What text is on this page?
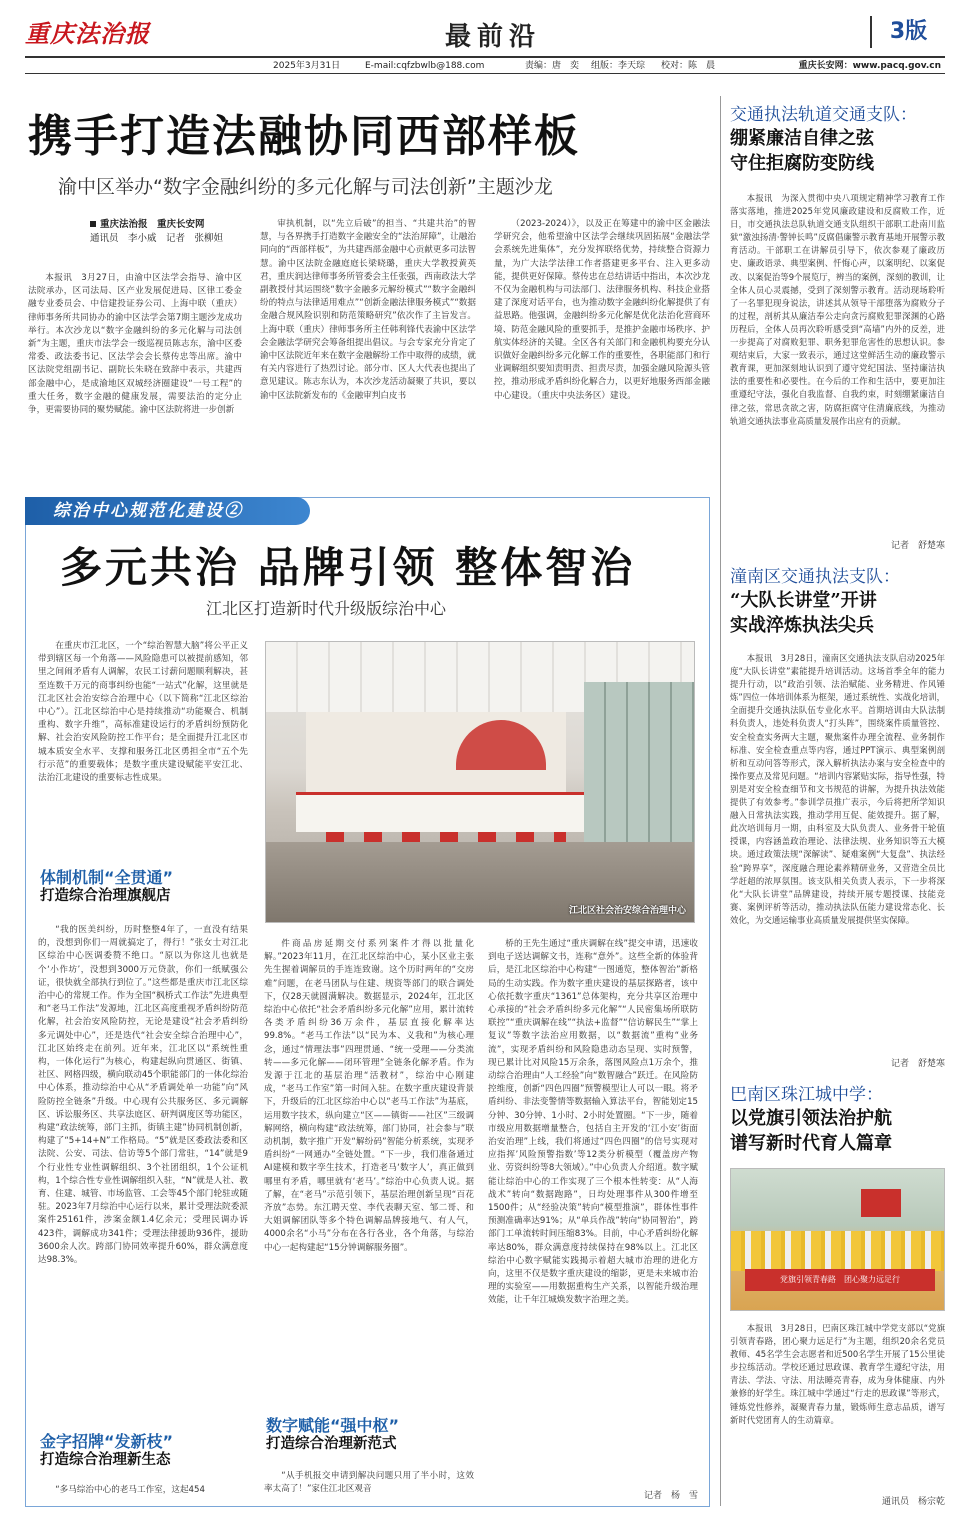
重庆法治报	最前沿	3版
2025年3月31日	E-mail:cqfzbwlb@188.com	责编：唐　奕 组版：李天琮 校对：陈　晨	重庆长安网：www.pacq.gov.cn
携手打造法融协同西部样板
渝中区举办“数字金融纠纷的多元化解与司法创新”主题沙龙
重庆法治报　重庆长安网
通讯员　李小威　记者　张柳妲

本报讯　3月27日，由渝中区法学会指导、渝中区法院承办，区司法局、区产业发展促进局、区律工委金融专业委员会、中信建投证券公司、上海中联（重庆）律师事务所共同协办的渝中区法学会第7期主题沙龙成功举行。本次沙龙以“数字金融纠纷的多元化解与司法创新”为主题，重庆市法学会一级巡视员陈志东，渝中区委常委、政法委书记、区法学会会长蔡传忠等出席。渝中区法院党组副书记、副院长朱晓在致辞中表示，共建西部金融中心，是成渝地区双城经济圈建设“一号工程”的重大任务，数字金融的健康发展，需要法治的定分止争，更需要协同的聚势赋能。渝中区法院将进一步创新

审执机制，以“先立后破”的担当、“共建共治”的智慧，与各界携手打造数字金融安全的“法治屏障”，让融治同向的“西部样板”，为共建西部金融中心贡献更多司法智慧。渝中区法院金融庭庭长梁晓璐，重庆大学教授黄英君，重庆润达律师事务所管委会主任张强，西南政法大学副教授付其运围绕“数字金融多元解纷模式”“数字金融纠纷的特点与法律适用难点”“创新金融法律服务模式”“数据金融合规风险识别和防范策略研究”依次作了主旨发言。上海中联（重庆）律师事务所主任韩利锋代表渝中区法学会金融法学研究会筹备组提出倡议。与会专家充分肯定了渝中区法院近年来在数字金融解纷工作中取得的成绩，就有关内容进行了热烈讨论。部分市、区人大代表也提出了意见建议。陈志东认为，本次沙龙活动凝聚了共识，要以渝中区法院新发布的《金融审判白皮书

（2023-2024）》，以及正在筹建中的渝中区金融法学研究会，他希望渝中区法学会继续巩固拓展“金融法学会系统先进集体”，充分发挥联络优势，持续整合资源力量，为广大法学法律工作者搭建更多平台、注入更多动能，提供更好保障。蔡传忠在总结讲话中指出，本次沙龙不仅为金融机构与司法部门、法律服务机构、科技企业搭建了深度对话平台，也为推动数字金融纠纷化解提供了有益思路。他强调，金融纠纷多元化解是优化法治化营商环境、防范金融风险的重要抓手，是推护金融市场秩序、护航实体经济的关键。全区各有关部门和金融机构要充分认识做好金融纠纷多元化解工作的重要性，各职能部门和行业调解组织要知责明责、担责尽责，加强金融风险源头管控，推动形成矛盾纠纷化解合力，以更好地服务西部金融中心建设。（重庆中央法务区）建设。

交通执法轨道交通支队：
绷紧廉洁自律之弦
守住拒腐防变防线

本报讯　为深入贯彻中央八项规定精神学习教育工作落实落地，推进2025年党风廉政建设和反腐败工作，近日，市交通执法总队轨道交通支队组织干部职工赴南川监狱“激浊扬清·警钟长鸣”反腐倡廉警示教育基地开展警示教育活动。干部职工在讲解员引导下，依次参观了廉政历史、廉政语录、典型案例、忏悔心声，以案明纪、以案促改、以案促治等9个展览厅，辨当的案例，深刻的教训，让全体人员心灵震撼，受到了深刻警示教育。活动现场聆听了一名罪犯现身说法，讲述其从领导干部堕落为腐败分子的过程，剖析其从廉洁奉公走向贪污腐败犯罪深渊的心路历程后，全体人员再次聆听感受到“高墙”内外的反差，进一步提高了对腐败犯罪、职务犯罪危害性的思想认识。参观结束后，大家一致表示，通过这堂鲜活生动的廉政警示教育课，更加深刻地认识到了遵守党纪国法、坚持廉洁执法的重要性和必要性。在今后的工作和生活中，要更加注重遵纪守法，强化自我监督、自我约束，时刻绷紧廉洁自律之弦，常思贪欲之害，防腐拒腐守住清廉底线，为推动轨道交通执法事业高质量发展作出应有的贡献。

记者　舒楚寒
潼南区交通执法支队：
“大队长讲堂”开讲
实战淬炼执法尖兵

本报讯　3月28日，潼南区交通执法支队启动2025年度“大队长讲堂”素能提升培训活动。这场首季全年的能力提升行动，以“政治引领、法治赋能、业务精进、作风锤炼”四位一体培训体系为框架，通过系统性、实战化培训，全面提升交通执法队伍专业化水平。首期培训由大队法制科负责人，违处科负责人“打头阵”，围绕案件质量管控、安全检查实务两大主题，聚焦案件办理全流程、业务制作标准、安全检查重点等内容，通过PPT演示、典型案例剖析和互动问答等形式，深入解析执法办案与安全检查中的操作要点及常见问题。“培训内容紧贴实际，指导性强，特别是对安全检查细节和文书规范的讲解，为提升执法效能提供了有效参考。”参训学员推广表示，今后将把所学知识融入日常执法实践，推动学用互促、能效提升。据了解，此次培训每月一期，由科室及大队负责人、业务骨干轮值授课，内容涵盖政治理论、法律法规、业务知识等五大模块。通过政策法规“深解读”、疑难案例“大复盘”、执法经验“跨界享”，深度融合理论素养精研业务，又营造全员比学赶超的浓厚氛围。该支队相关负责人表示，下一步将深化“大队长讲堂”品牌建设，持续开展专题授课、技能竞赛、案例评析等活动，推动执法队伍能力建设常态化、长效化，为交通运输事业高质量发展提供坚实保障。

记者　舒楚寒
巴南区珠江城中学：
以党旗引领法治护航
谱写新时代育人篇章
党旗引领青春路　团心聚力远足行

本报讯　3月28日，巴南区珠江城中学党支部以“党旗引领青春路，团心聚力远足行”为主题，组织20余名党员教师、45名学生会志愿者和近500名学生开展了15公里徒步拉练活动。学校还通过思政课、教育学生遵纪守法，用青法、学法、守法、用法睡亮青春，成为身体健康、内外兼修的好学生。珠江城中学通过“行走的思政课”等形式，锤炼党性修养，凝聚青春力量，锻炼师生意志品质，谱写新时代党团育人的生动篇章。

通讯员　杨宗乾
综治中心规范化建设②
多元共治 品牌引领 整体智治
江北区打造新时代升级版综治中心

在重庆市江北区，一个“综治智慧大脑”将公平正义带到辖区每一个角落——风险隐患可以被提前感知，邻里之间闹矛盾有人调解，农民工讨薪问题顺利解决，甚至连数千万元的商事纠纷也能“一站式”化解，这里就是江北区社会治安综合治理中心（以下简称“江北区综治中心”）。江北区综治中心是持续推动“功能聚合、机制重构、数字升维”，高标准建设运行的矛盾纠纷预防化解、社会治安风险防控工作平台；是全面提升江北区市城本质安全水平、支撑和服务江北区勇担全市“五个先行示范”的重要载体；是数字重庆建设赋能平安江北、法治江北建设的重要标志性成果。

体制机制“全贯通”
打造综合治理旗舰店
江北区社会治安综合治理中心

“我的医美纠纷，历时整整4年了，一直没有结果的，没想到你们一周就搞定了，得行！”张女士对江北区综治中心医调委赞不绝口。“原以为你这儿也就是个‘小作坊’，没想到3000万元贷款，你们一纸赋强公证，很快就全部执行到位了。”这些都是重庆市江北区综治中心的常规工作。作为全国“枫桥式工作法”先进典型和“老马工作法”发源地，江北区高度重视矛盾纠纷防范化解，社会治安风险防控，无论是建设“社会矛盾纠纷多元调处中心”，还是迭代“社会安全综合治理中心”，江北区始终走在前列。近年来，江北区以“系统性重构，一体化运行”为核心，构建起纵向贯通区、街镇、社区、网格四级，横向联动45个职能部门的一体化综治中心体系，推动综治中心从“矛盾调处单一功能”向“风险防控全链条”升级。中心现有公共服务区、多元调解区、诉讼服务区、共享法庭区、研判调度区等功能区，构建“政法统筹，部门主抓，街镇主建”协同机制创新，构建了“5+14+N”工作格局。“5”就是区委政法委和区法院、公安、司法、信访等5个部门常驻，“14”就是9个行业性专业性调解组织、3个社团组织，1个公证机构，1个综合性专业性调解组织入驻，“N”就是人社、教育、住建、城管、市场监管、工会等45个部门轮驻或随驻。2023年7月综治中心运行以来，累计受理法院委派案件25161件，涉案金额1.4亿余元；受理民调办诉423件，调解成功341件；受理法律援助936件，援助3600余人次。跨部门协同效率提升60%，群众满意度达98.3%。

金字招牌“发新枝”
打造综合治理新生态

“多马综治中心的老马工作室，这起454

件商品房延期交付系列案件才得以批量化解。”2023年11月，在江北区综治中心，某小区业主张先生握着调解员的手连连致谢。这个历时两年的“交房难”问题，在老马团队与住建、规资等部门的联合调处下，仅28天就圆满解决。数据显示，2024年，江北区综治中心依托“社会矛盾纠纷多元化解”应用，累计流转各类矛盾纠纷36万余件，基层直接化解率达99.8%。“老马工作法”以“民为本、义我和”为核心理念，通过“情理法事”四理贯通、“统一受理——分类流转——多元化解——闭环管理”全链条化解矛盾。作为发源于江北的基层治理“活教材”，综治中心刚建成，“老马工作室”第一时间入驻。在数字重庆建设背景下，升级后的江北区综治中心以“老马工作法”为基底，运用数字技术，纵向建立“区——镇街——社区”三级调解网络，横向构建“政法统筹，部门协同，社会参与”联动机制，数字推广开发“解纷码”智能分析系统，实现矛盾纠纷“一网通办”全链处置。“下一步，我们准备通过AI建模和数字孪生技术，打造老马‘数字人’，真正做到哪里有矛盾，哪里就有‘老马’。”综治中心负责人说。据了解，在“老马”示范引领下，基层治理创新呈现“百花齐放”态势。东江聘天堂、李代表聊天室、邹二哥、和大姐调解团队等多个特色调解品牌接地气、有人气，4000余名“小马”分布在各行各业，各个角落，与综治中心一起构建起“15分钟调解服务圈”。

数字赋能“强中枢”
打造综合治理新范式

“从手机报交申请到解决问题只用了半小时，这效率太高了！”家住江北区观音

桥的王先生通过“重庆调解在线”提交申请，迅速收到电子送达调解文书，连称“意外”。这些全新的体验背后，是江北区综治中心构建“一图通览，整体智治”新格局的生动实践。作为数字重庆建设的基层探路者，该中心依托数字重庆“1361”总体架构，充分共享区治理中心承接的“社会矛盾纠纷多元化解”“人民密集场所联防联控”“重庆调解在线”“执法+监督”“信访解民生”“掌上复议”等数字法治应用数据，以“数据流”重构“业务流”，实现矛盾纠纷和风险隐患动态呈现、实时预警，现已累计比对风险15万余条，落图风险点1万余个，推动综合治理由“人工经验”向“数智融合”跃迁。在风险防控维度，创新“四色四圈”预警模型让人可以一眼。将矛盾纠纷、非法变警情等数据输入算法平台，智能划定15分钟、30分钟、1小时、2小时处置圈。“下一步，随着市级应用数据增量整合，包括自主开发的‘江小安’街面治安治理”上线，我们将通过“四色四圈”的信号实现对应指挥’风险预警指数’等12类分析模型（覆盖房产物业、劳资纠纷等8大领域）。”中心负责人介绍道。数字赋能让综治中心的工作实现了三个根本性转变：从“人海战术”转向“数据跑路”，日均处理事件从300件增至1500件；从“经验决策”转向“模型推演”，群体性事件预测准确率达91%；从“单兵作战”转向“协同智治”，跨部门工单流转时间压缩83%。目前，中心矛盾纠纷化解率达80%，群众满意度持续保持在98%以上。江北区综治中心数字赋能实践揭示着超大城市治理的进化方向，这里不仅是数字重庆建设的缩影，更是未来城市治理的实验室——用数据重构生产关系，以智能升级治理效能，让千年江城焕发数字治理之美。

记者　杨　雪
